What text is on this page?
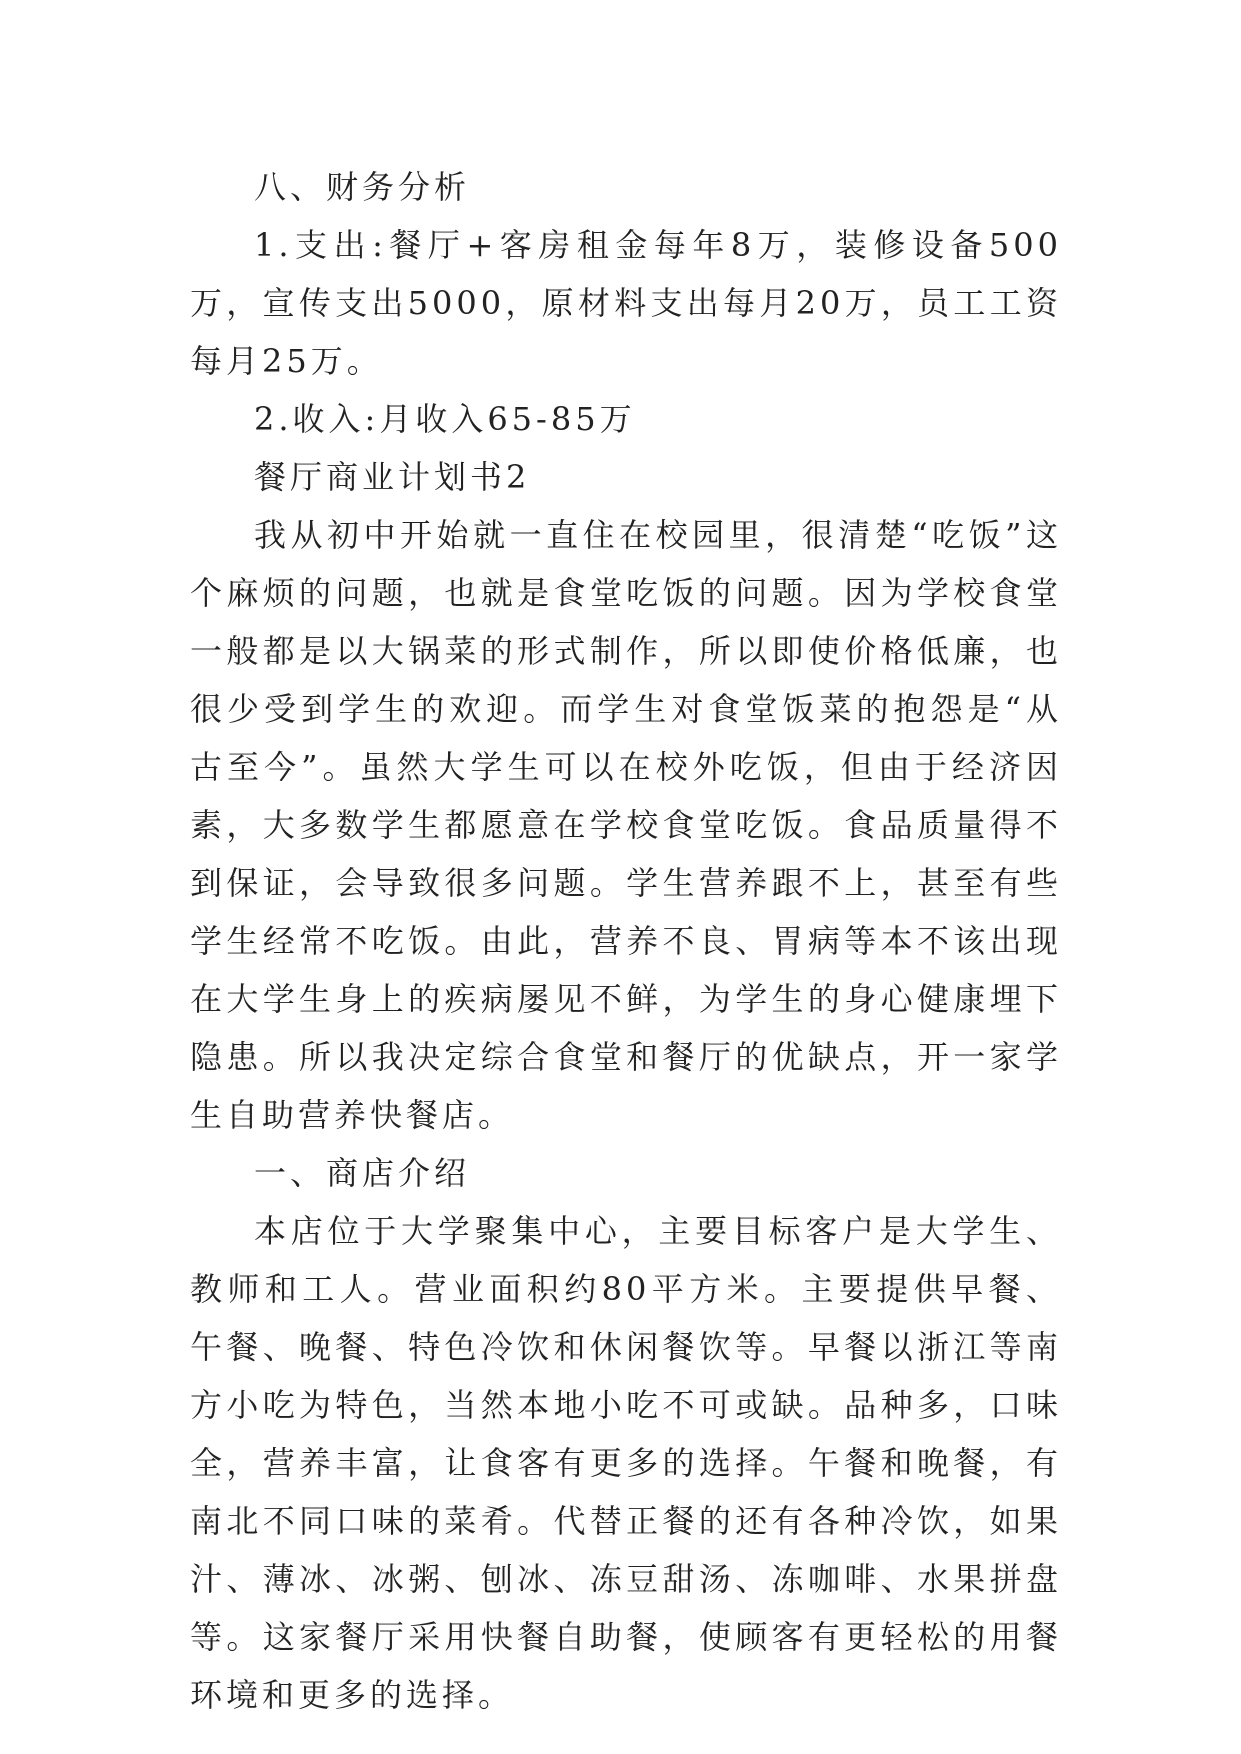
八、财务分析

1.支出:餐厅+客房租金每年8万，装修设备500万，宣传支出5000，原材料支出每月20万，员工工资每月25万。

2.收入:月收入65-85万

餐厅商业计划书2

我从初中开始就一直住在校园里，很清楚“吃饭”这个麻烦的问题，也就是食堂吃饭的问题。因为学校食堂一般都是以大锅菜的形式制作，所以即使价格低廉，也很少受到学生的欢迎。而学生对食堂饭菜的抱怨是“从古至今”。虽然大学生可以在校外吃饭，但由于经济因素，大多数学生都愿意在学校食堂吃饭。食品质量得不到保证，会导致很多问题。学生营养跟不上，甚至有些学生经常不吃饭。由此，营养不良、胃病等本不该出现在大学生身上的疾病屡见不鲜，为学生的身心健康埋下隐患。所以我决定综合食堂和餐厅的优缺点，开一家学生自助营养快餐店。

一、商店介绍

本店位于大学聚集中心，主要目标客户是大学生、教师和工人。营业面积约80平方米。主要提供早餐、午餐、晚餐、特色冷饮和休闲餐饮等。早餐以浙江等南方小吃为特色，当然本地小吃不可或缺。品种多，口味全，营养丰富，让食客有更多的选择。午餐和晚餐，有南北不同口味的菜肴。代替正餐的还有各种冷饮，如果汁、薄冰、冰粥、刨冰、冻豆甜汤、冻咖啡、水果拼盘等。这家餐厅采用快餐自助餐，使顾客有更轻松的用餐环境和更多的选择。
